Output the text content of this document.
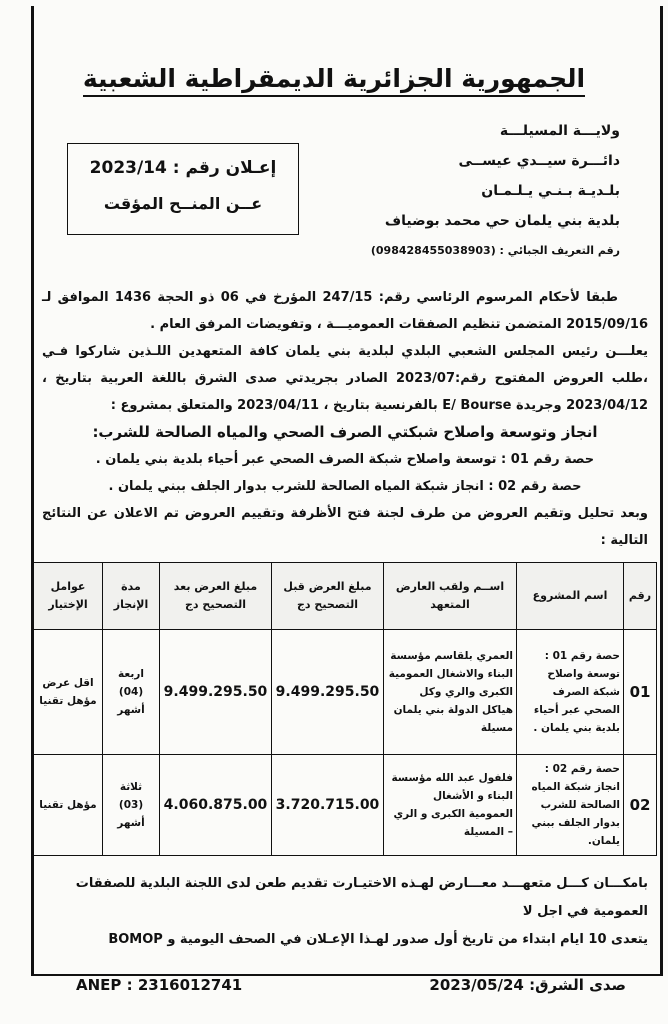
الجمهورية الجزائرية الديمقراطية الشعبية
ولايـــة المسيلـــة
دائـــرة سيــدي عيســى
بلـديـة بـنـي يـلـمـان
بلدية بني يلمان حي محمد بوضياف
رقم التعريف الجبائي : (098428455038903)
إعـلان رقم : 2023/14
عــن المنــح المؤقت

طبقا لأحكام المرسوم الرئاسي رقم: 247/15 المؤرخ في 06 ذو الحجة 1436 الموافق لـ 2015/09/16 المتضمن تنظيم الصفقات العموميـــة ، وتفويضات المرفق العام .

يعلـــن رئيس المجلس الشعبي البلدي لبلدية بني يلمان كافة المتعهدين اللـذين شاركوا فـي ،طلب العروض المفتوح رقم:2023/07 الصادر بجريدتي صدى الشرق باللغة العربية بتاريخ ، 2023/04/12 وجريدة E/ Bourse بالفرنسية بتاريخ ، 2023/04/11 والمتعلق بمشروع :

انجاز وتوسعة واصلاح شبكتي الصرف الصحي والمياه الصالحة للشرب:

حصة رقم 01 : توسعة واصلاح شبكة الصرف الصحي عبر أحياء بلدية بني يلمان .

حصة رقم 02 : انجاز شبكة المياه الصالحة للشرب بدوار الجلف ببني يلمان .

وبعد تحليل وتقيم العروض من طرف لجنة فتح الأظرفة وتقييم العروض تم الاعلان عن النتائج التالية :

رقم	اسم المشروع	اســم ولقب العارض المتعهد	مبلغ العرض قبل التصحيح دج	مبلغ العرض بعد التصحيح دج	مدة الإنجاز	عوامل الإختيار
01	حصة رقم 01 : توسعة واصلاح شبكة الصرف الصحي عبر أحياء بلدية بني يلمان .	العمري بلقاسم مؤسسة البناء والاشغال العمومية الكبرى والري وكل هياكل الدولة بني يلمان مسيلة	9.499.295.50	9.499.295.50	اربعة (04) أشهر	اقل عرض مؤهل تقنيا
02	حصة رقم 02 : انجاز شبكة المياه الصالحة للشرب بدوار الجلف ببني يلمان.	فلفول عبد الله مؤسسة البناء و الأشغال العمومية الكبرى و الري – المسيلة	3.720.715.00	4.060.875.00	ثلاثة (03) أشهر	مؤهل تقنيا

بامكـــان كـــل متعهـــد معـــارض لهـذه الاختيـارت تقديم طعن لدى اللجنة البلدية للصفقات العمومية في اجل لا

يتعدى 10 ايام ابتداء من تاريخ أول صدور لهـذا الإعـلان في الصحف اليومية و BOMOP

ANEP : 2316012741	صدى الشرق: 2023/05/24
